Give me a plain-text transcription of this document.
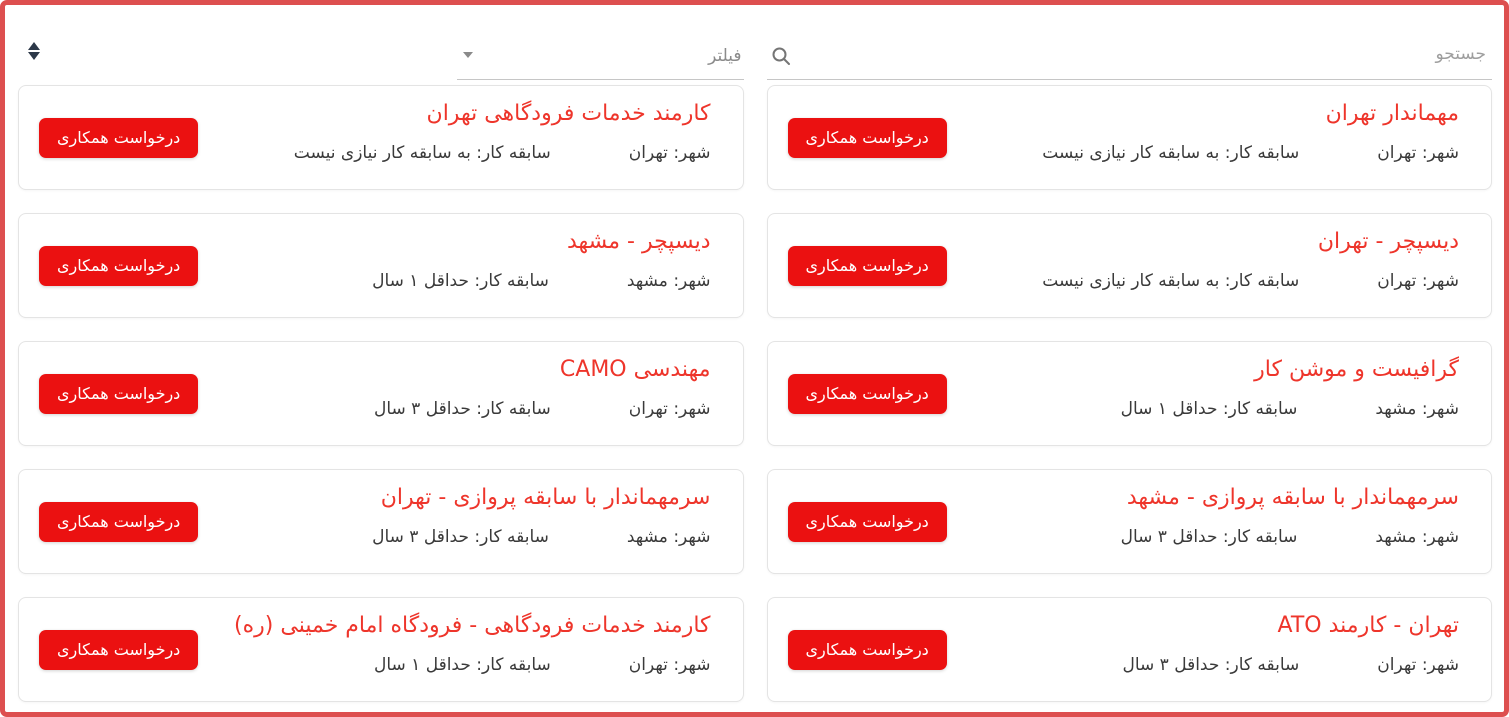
جستجو
فیلتر
مهماندار تهران
شهر: تهران
سابقه کار: به سابقه کار نیازی نیست
درخواست همکاری
کارمند خدمات فرودگاهی تهران
شهر: تهران
سابقه کار: به سابقه کار نیازی نیست
درخواست همکاری
دیسپچر - تهران
شهر: تهران
سابقه کار: به سابقه کار نیازی نیست
درخواست همکاری
دیسپچر - مشهد
شهر: مشهد
سابقه کار: حداقل ۱ سال
درخواست همکاری
گرافیست و موشن کار
شهر: مشهد
سابقه کار: حداقل ۱ سال
درخواست همکاری
مهندسی CAMO
شهر: تهران
سابقه کار: حداقل ۳ سال
درخواست همکاری
سرمهماندار با سابقه پروازی - مشهد
شهر: مشهد
سابقه کار: حداقل ۳ سال
درخواست همکاری
سرمهماندار با سابقه پروازی - تهران
شهر: مشهد
سابقه کار: حداقل ۳ سال
درخواست همکاری
تهران - کارمند ATO
شهر: تهران
سابقه کار: حداقل ۳ سال
درخواست همکاری
کارمند خدمات فرودگاهی - فرودگاه امام خمینی (ره)
شهر: تهران
سابقه کار: حداقل ۱ سال
درخواست همکاری
